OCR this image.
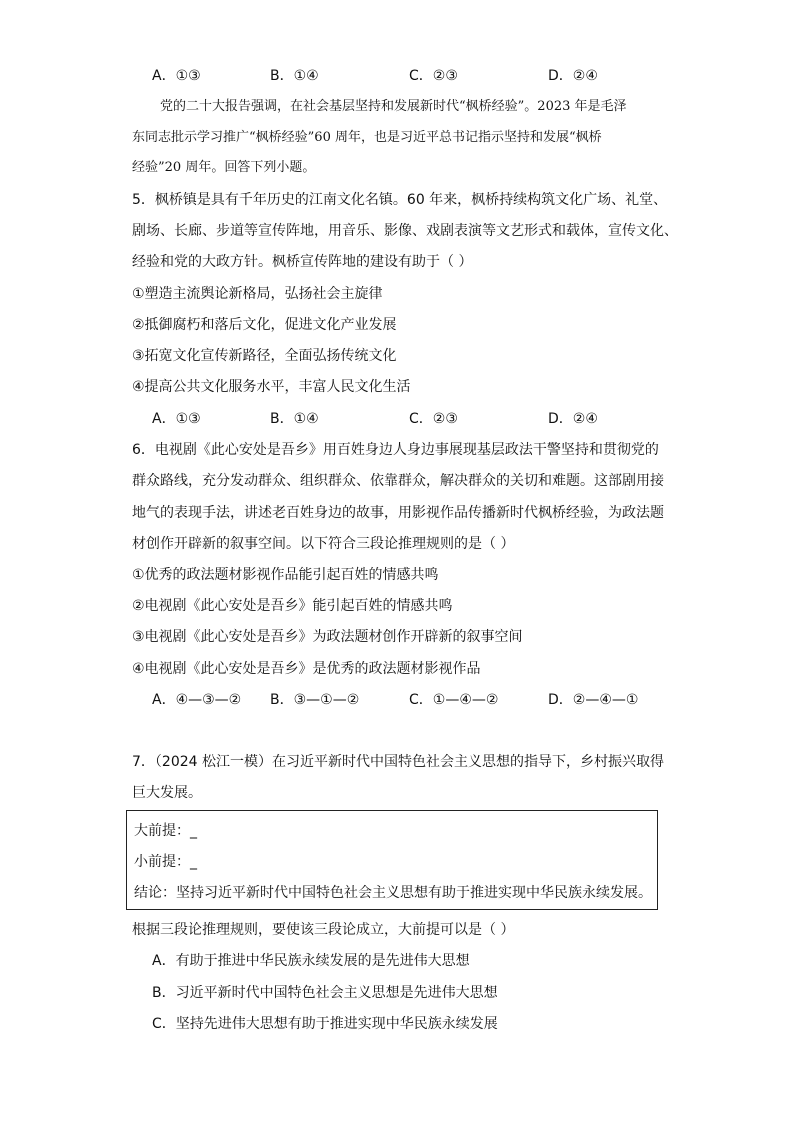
A．①③	B．①④	C．②③	D．②④
党的二十大报告强调，在社会基层坚持和发展新时代“枫桥经验”。2023 年是毛泽
东同志批示学习推广“枫桥经验”60 周年，也是习近平总书记指示坚持和发展“枫桥
经验”20 周年。回答下列小题。
5．枫桥镇是具有千年历史的江南文化名镇。60 年来，枫桥持续构筑文化广场、礼堂、
剧场、长廊、步道等宣传阵地，用音乐、影像、戏剧表演等文艺形式和载体，宣传文化、
经验和党的大政方针。枫桥宣传阵地的建设有助于（ ）
①塑造主流舆论新格局，弘扬社会主旋律
②抵御腐朽和落后文化，促进文化产业发展
③拓宽文化宣传新路径，全面弘扬传统文化
④提高公共文化服务水平，丰富人民文化生活
A．①③	B．①④	C．②③	D．②④
6．电视剧《此心安处是吾乡》用百姓身边人身边事展现基层政法干警坚持和贯彻党的
群众路线，充分发动群众、组织群众、依靠群众，解决群众的关切和难题。这部剧用接
地气的表现手法，讲述老百姓身边的故事，用影视作品传播新时代枫桥经验，为政法题
材创作开辟新的叙事空间。以下符合三段论推理规则的是（ ）
①优秀的政法题材影视作品能引起百姓的情感共鸣
②电视剧《此心安处是吾乡》能引起百姓的情感共鸣
③电视剧《此心安处是吾乡》为政法题材创作开辟新的叙事空间
④电视剧《此心安处是吾乡》是优秀的政法题材影视作品
A．④—③—② B．③—①—②	C．①—④—②	D．②—④—①
7．（2024 松江一模）在习近平新时代中国特色社会主义思想的指导下，乡村振兴取得
巨大发展。
大前提：_
小前提：_
结论：坚持习近平新时代中国特色社会主义思想有助于推进实现中华民族永续发展。
根据三段论推理规则，要使该三段论成立，大前提可以是（ ）
A．有助于推进中华民族永续发展的是先进伟大思想
B．习近平新时代中国特色社会主义思想是先进伟大思想
C．坚持先进伟大思想有助于推进实现中华民族永续发展
